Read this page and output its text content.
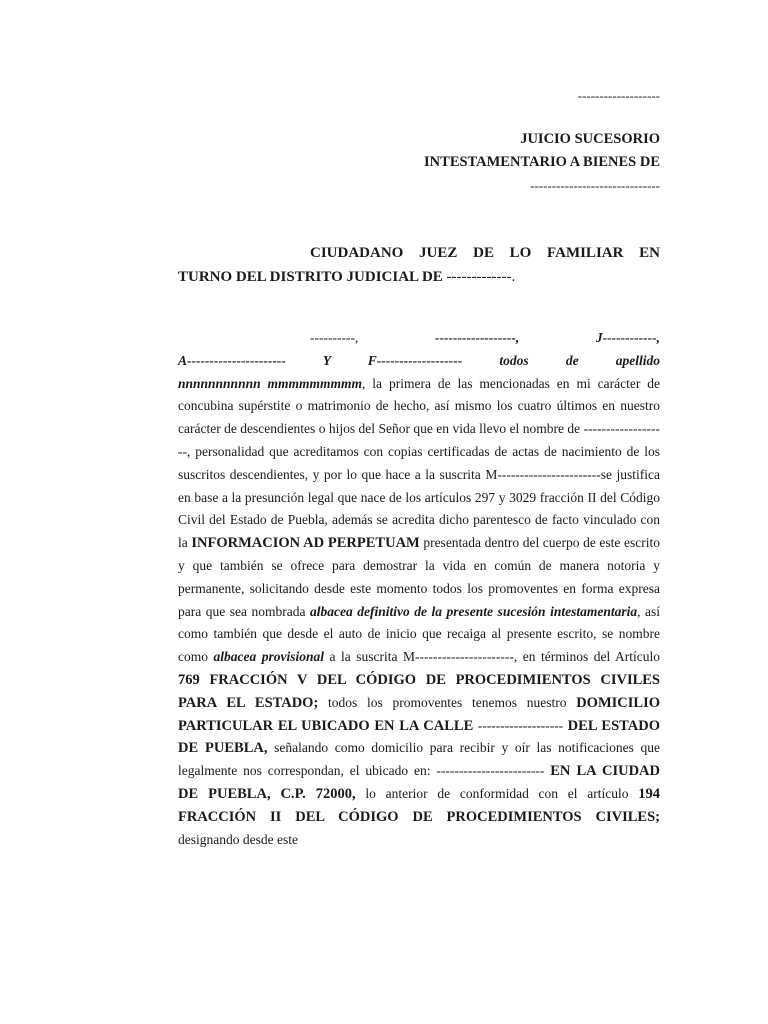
-------------------
JUICIO SUCESORIO
INTESTAMENTARIO A BIENES DE
------------------------------
CIUDADANO JUEZ DE LO FAMILIAR EN
TURNO DEL DISTRITO JUDICIAL DE -------------.
----------,	------------------,	J------------,
A----------------------  Y  F-------------------  todos  de  apellido

nnnnnnnnnnn mmmmmmmmm, la primera de las mencionadas en mi carácter de concubina supérstite o matrimonio de hecho, así mismo los cuatro últimos en nuestro carácter de descendientes o hijos del Señor que en vida llevo el nombre de -------------------, personalidad que acreditamos con copias certificadas de actas de nacimiento de los suscritos descendientes, y por lo que hace a la suscrita M-----------------------se justifica en base a la presunción legal que nace de los artículos 297 y 3029 fracción II del Código Civil del Estado de Puebla, además se acredita dicho parentesco de facto vinculado con la INFORMACION AD PERPETUAM presentada dentro del cuerpo de este escrito y que también se ofrece para demostrar la vida en común de manera notoria y permanente, solicitando desde este momento todos los promoventes en forma expresa para que sea nombrada albacea definitivo de la presente sucesión intestamentaria, así como también que desde el auto de inicio que recaiga al presente escrito, se nombre como albacea provisional a la suscrita M----------------------, en términos del Artículo 769 FRACCIÓN V DEL CÓDIGO DE PROCEDIMIENTOS CIVILES PARA EL ESTADO; todos los promoventes tenemos nuestro DOMICILIO PARTICULAR EL UBICADO EN LA CALLE ------------------- DEL ESTADO DE PUEBLA, señalando como domicilio para recibir y oír las notificaciones que legalmente nos correspondan, el ubicado en: ------------------------ EN LA CIUDAD DE PUEBLA, C.P. 72000, lo anterior de conformidad con el artículo 194 FRACCIÓN II DEL CÓDIGO DE PROCEDIMIENTOS CIVILES; designando desde este
